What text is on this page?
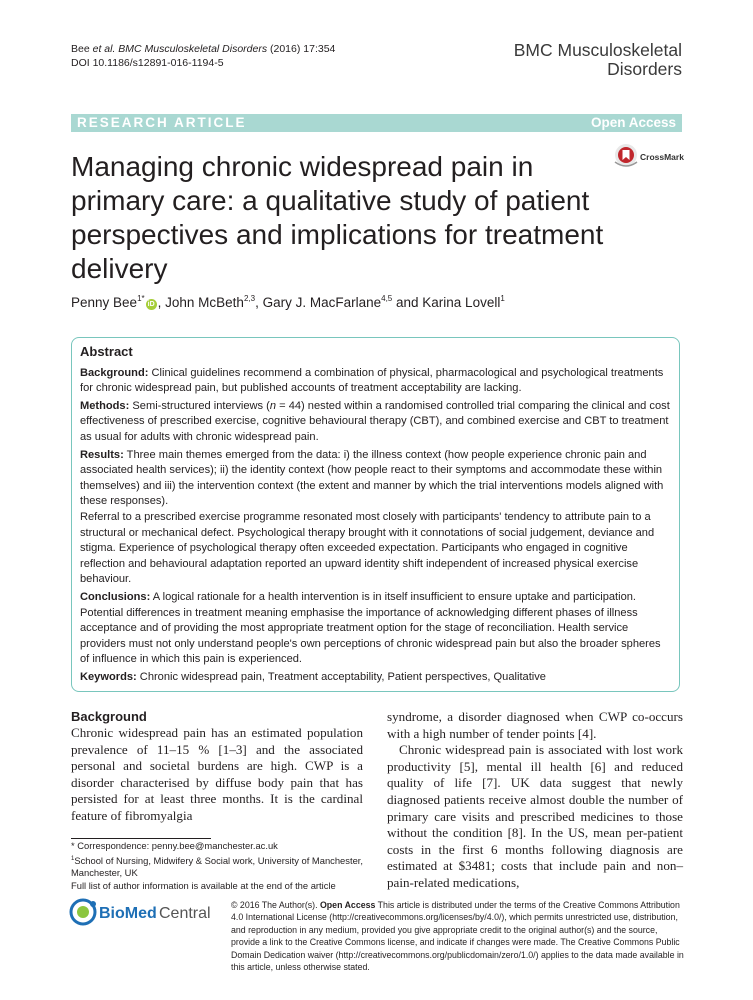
Bee et al. BMC Musculoskeletal Disorders (2016) 17:354
DOI 10.1186/s12891-016-1194-5
BMC Musculoskeletal
Disorders
RESEARCH ARTICLE	Open Access
CrossMark
Managing chronic widespread pain in primary care: a qualitative study of patient perspectives and implications for treatment delivery
Penny Bee$^{1*}$iD , John McBeth$^{2,3}$, Gary J. MacFarlane$^{4,5}$ and Karina Lovell$^1$
Abstract

Background: Clinical guidelines recommend a combination of physical, pharmacological and psychological treatments for chronic widespread pain, but published accounts of treatment acceptability are lacking.

Methods: Semi-structured interviews (n = 44) nested within a randomised controlled trial comparing the clinical and cost effectiveness of prescribed exercise, cognitive behavioural therapy (CBT), and combined exercise and CBT to treatment as usual for adults with chronic widespread pain.

Results: Three main themes emerged from the data: i) the illness context (how people experience chronic pain and associated health services); ii) the identity context (how people react to their symptoms and accommodate these within themselves) and iii) the intervention context (the extent and manner by which the trial interventions models aligned with these responses).

Referral to a prescribed exercise programme resonated most closely with participants' tendency to attribute pain to a structural or mechanical defect. Psychological therapy brought with it connotations of social judgement, deviance and stigma. Experience of psychological therapy often exceeded expectation. Participants who engaged in cognitive reflection and behavioural adaptation reported an upward identity shift independent of increased physical exercise behaviour.

Conclusions: A logical rationale for a health intervention is in itself insufficient to ensure uptake and participation. Potential differences in treatment meaning emphasise the importance of acknowledging different phases of illness acceptance and of providing the most appropriate treatment option for the stage of reconciliation. Health service providers must not only understand people's own perceptions of chronic widespread pain but also the broader spheres of influence in which this pain is experienced.

Keywords: Chronic widespread pain, Treatment acceptability, Patient perspectives, Qualitative

Background
Chronic widespread pain has an estimated population prevalence of 11–15 % [1–3] and the associated personal and societal burdens are high. CWP is a disorder characterised by diffuse body pain that has persisted for at least three months. It is the cardinal feature of fibromyalgia

syndrome, a disorder diagnosed when CWP co-occurs with a high number of tender points [4].

Chronic widespread pain is associated with lost work productivity [5], mental ill health [6] and reduced quality of life [7]. UK data suggest that newly diagnosed patients receive almost double the number of primary care visits and prescribed medicines to those without the condition [8]. In the US, mean per-patient costs in the first 6 months following diagnosis are estimated at $3481; costs that include pain and non–pain-related medications,

* Correspondence: penny.bee@manchester.ac.uk
$^1$School of Nursing, Midwifery & Social work, University of Manchester, Manchester, UK
Full list of author information is available at the end of the article
BioMed Central © 2016 The Author(s). Open Access This article is distributed under the terms of the Creative Commons Attribution 4.0 International License (http://creativecommons.org/licenses/by/4.0/), which permits unrestricted use, distribution, and reproduction in any medium, provided you give appropriate credit to the original author(s) and the source, provide a link to the Creative Commons license, and indicate if changes were made. The Creative Commons Public Domain Dedication waiver (http://creativecommons.org/publicdomain/zero/1.0/) applies to the data made available in this article, unless otherwise stated.
